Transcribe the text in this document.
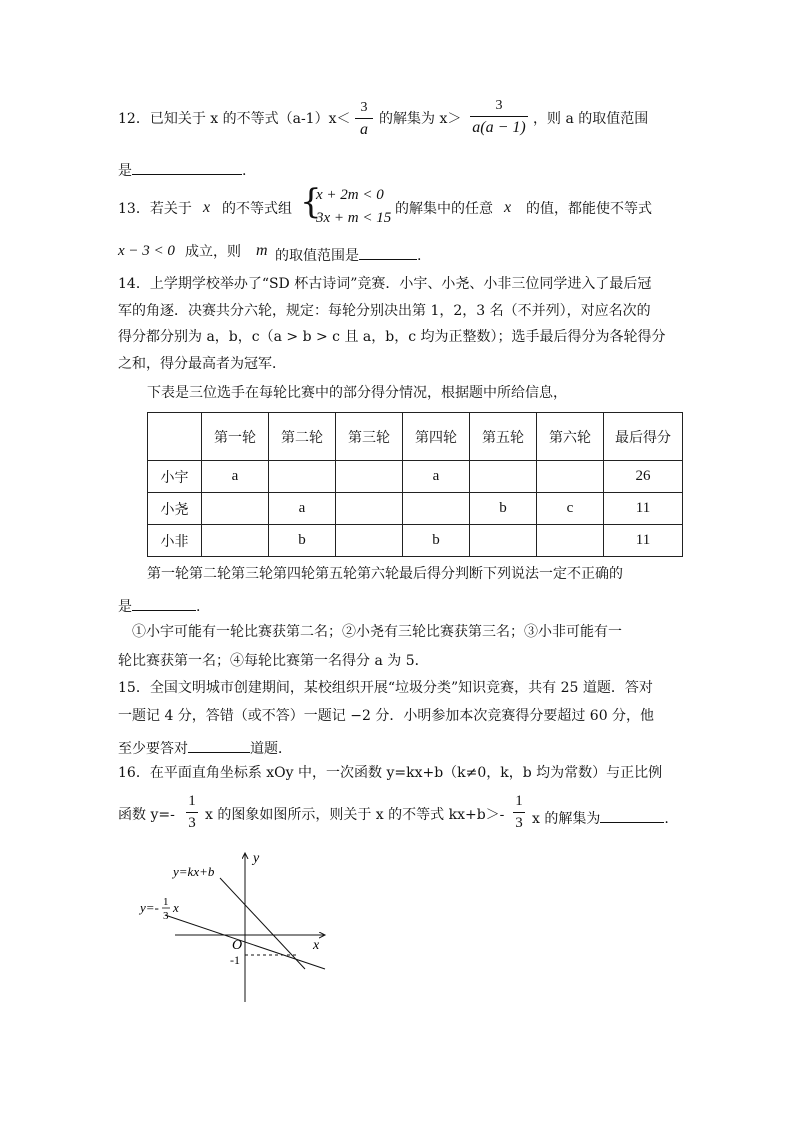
12．已知关于 x 的不等式（a-1）x＜
3
a
的解集为 x＞
3
a(a − 1) ，则 a 的取值范围
是	.
13．若关于 x 的不等式组 {
x + 2m < 0
3x + m < 15
的解集中的任意 x 的值，都能使不等式
x − 3 < 0 成立，则 m 的取值范围是	.
14．上学期学校举办了“SD 杯古诗词”竞赛．小宇、小尧、小非三位同学进入了最后冠
军的角逐．决赛共分六轮，规定：每轮分别决出第 1，2，3 名（不并列），对应名次的
得分都分别为 a，b，c（a > b > c 且 a，b，c 均为正整数）；选手最后得分为各轮得分
之和，得分最高者为冠军．
下表是三位选手在每轮比赛中的部分得分情况，根据题中所给信息，
	第一轮	第二轮	第三轮	第四轮	第五轮	第六轮	最后得分
小宇	a			a			26
小尧		a			b	c	11
小非		b		b			11
第一轮第二轮第三轮第四轮第五轮第六轮最后得分判断下列说法一定不正确的
是	.
①小宇可能有一轮比赛获第二名；②小尧有三轮比赛获第三名；③小非可能有一
轮比赛获第一名；④每轮比赛第一名得分 a 为 5．
15．全国文明城市创建期间，某校组织开展“垃圾分类”知识竞赛，共有 25 道题．答对
一题记 4 分，答错（或不答）一题记 −2 分．小明参加本次竞赛得分要超过 60 分，他
至少要答对	道题．
16．在平面直角坐标系 xOy 中，一次函数 y=kx+b（k≠0，k，b 均为常数）与正比例
函数 y=-
1
3 x 的图象如图所示，则关于 x 的不等式 kx+b＞-
1
3 x 的解集为	.
y
x
O
-1
y=kx+b
y=- 1
3
x
